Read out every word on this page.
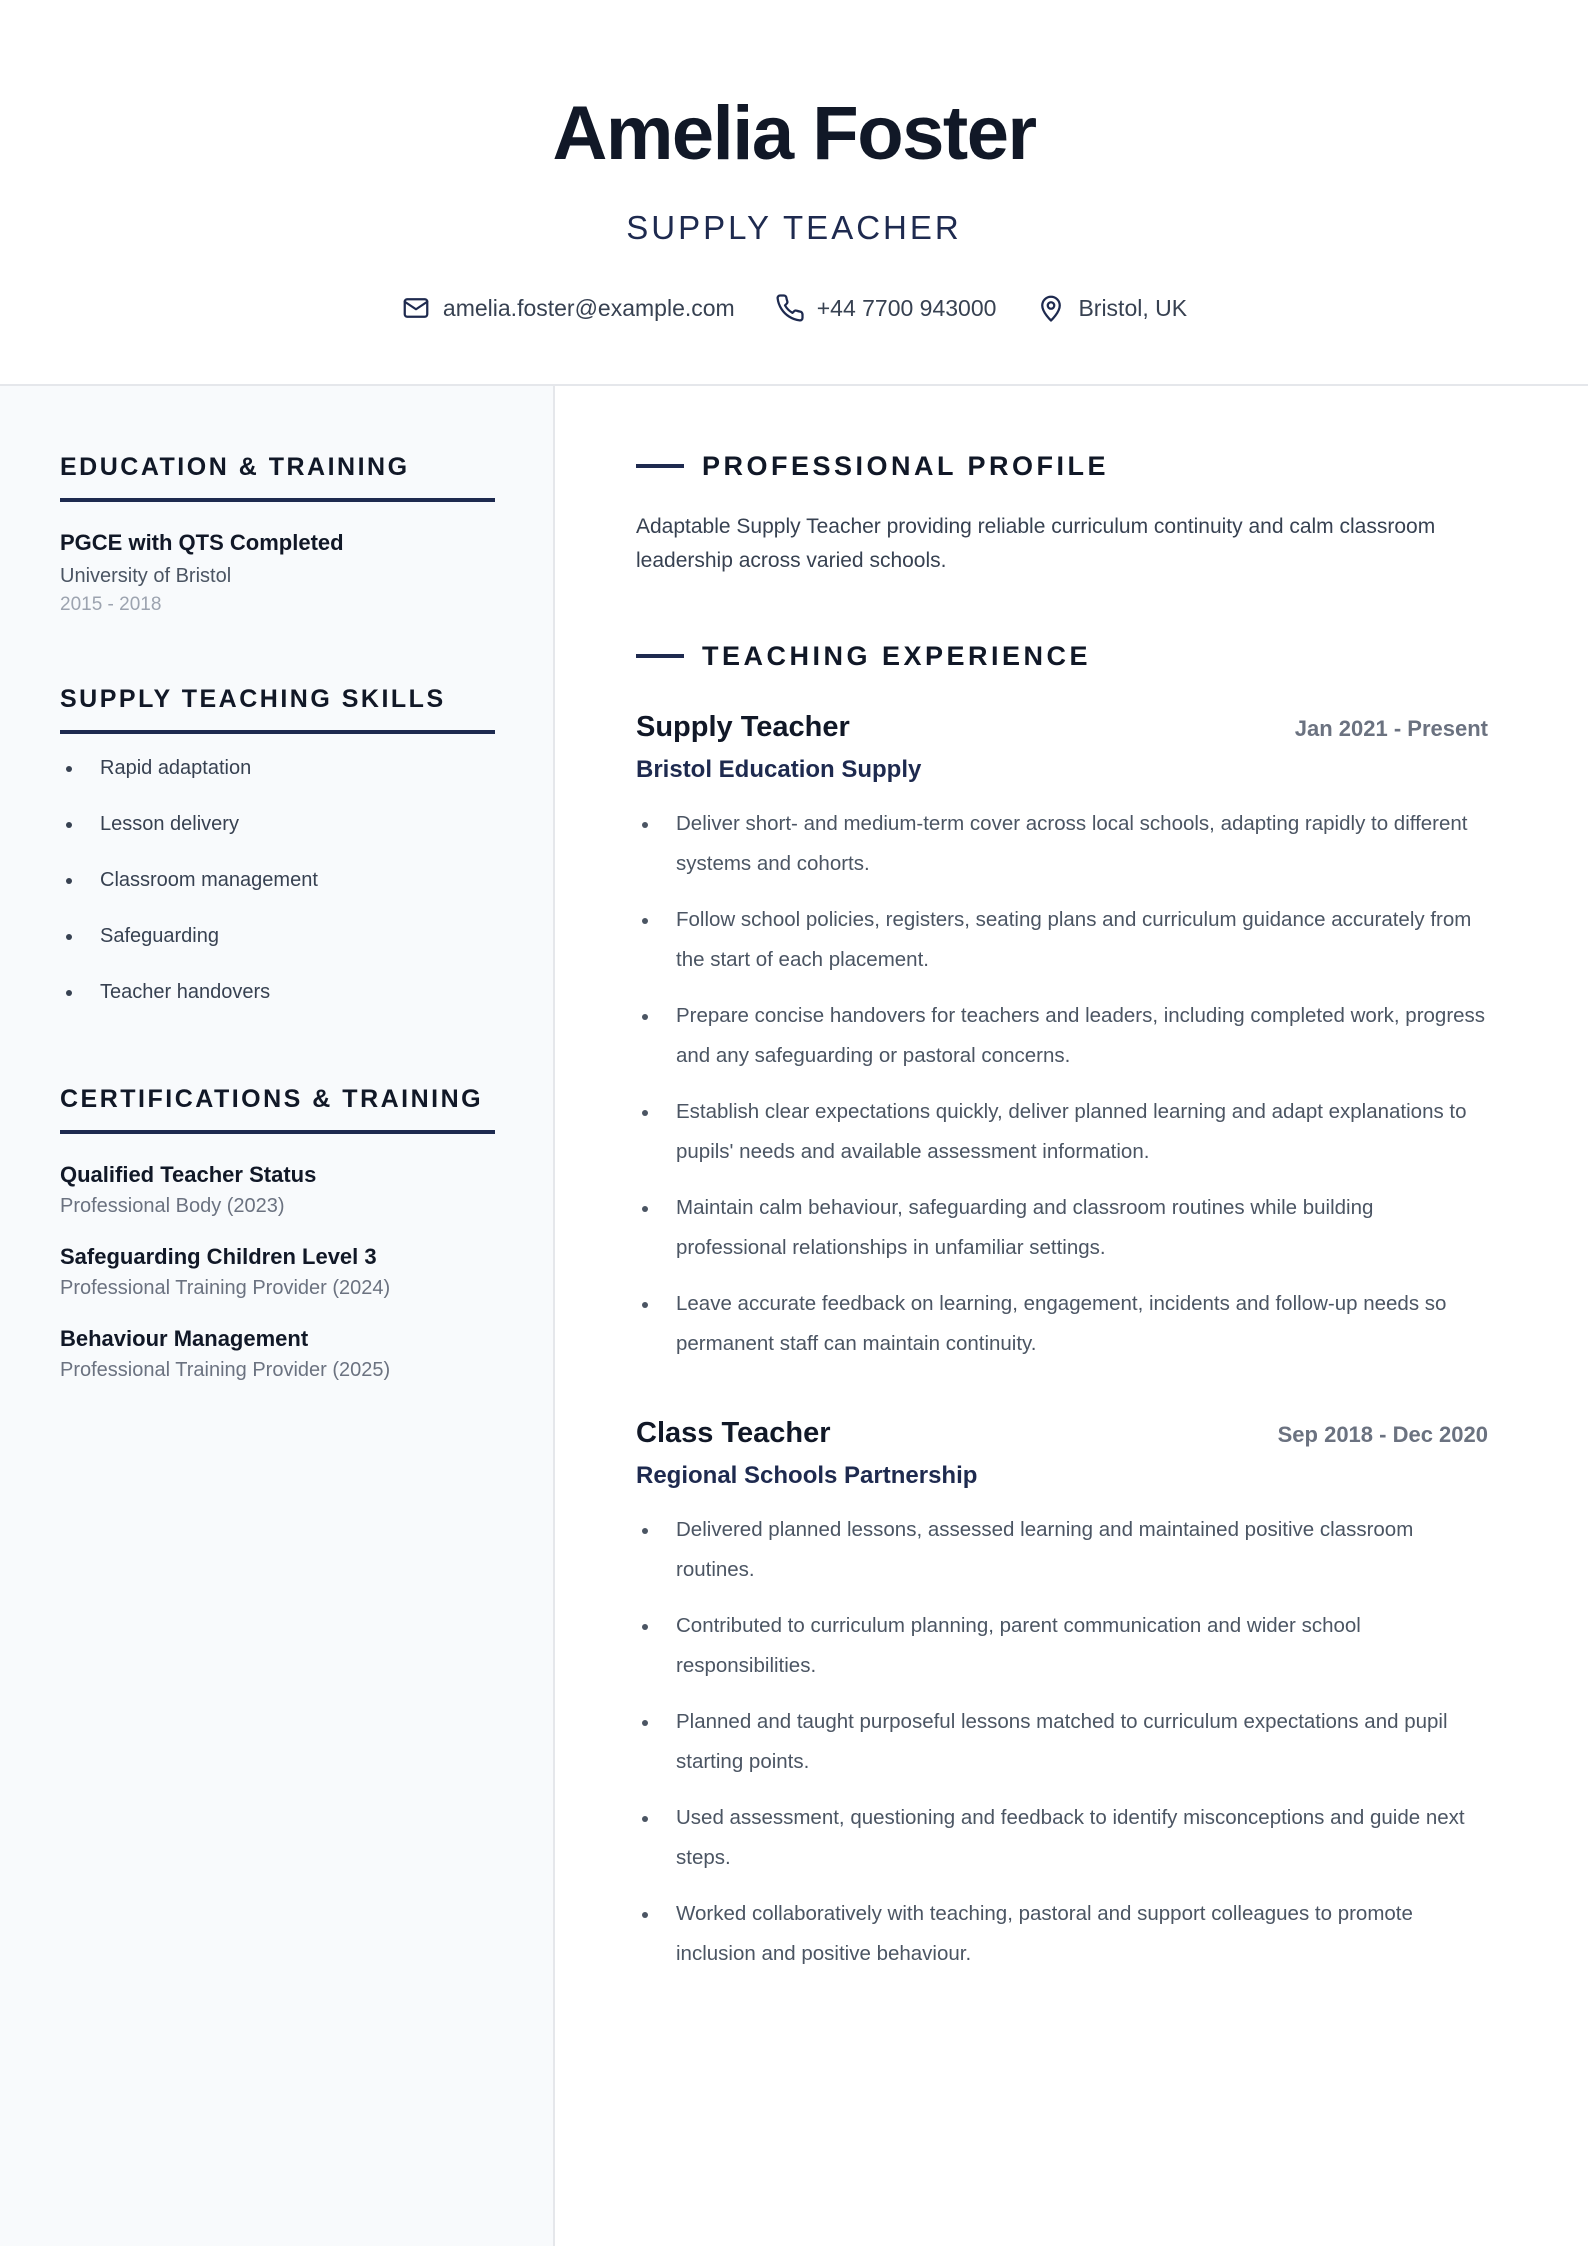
Amelia Foster
SUPPLY TEACHER
amelia.foster@example.com	+44 7700 943000	Bristol, UK
EDUCATION & TRAINING
PGCE with QTS Completed
University of Bristol
2015 - 2018
SUPPLY TEACHING SKILLS
Rapid adaptation
Lesson delivery
Classroom management
Safeguarding
Teacher handovers
CERTIFICATIONS & TRAINING
Qualified Teacher Status
Professional Body (2023)
Safeguarding Children Level 3
Professional Training Provider (2024)
Behaviour Management
Professional Training Provider (2025)
PROFESSIONAL PROFILE
Adaptable Supply Teacher providing reliable curriculum continuity and calm classroom leadership across varied schools.
TEACHING EXPERIENCE
Supply Teacher	Jan 2021 - Present
Bristol Education Supply
Deliver short- and medium-term cover across local schools, adapting rapidly to different systems and cohorts.
Follow school policies, registers, seating plans and curriculum guidance accurately from the start of each placement.
Prepare concise handovers for teachers and leaders, including completed work, progress and any safeguarding or pastoral concerns.
Establish clear expectations quickly, deliver planned learning and adapt explanations to pupils' needs and available assessment information.
Maintain calm behaviour, safeguarding and classroom routines while building professional relationships in unfamiliar settings.
Leave accurate feedback on learning, engagement, incidents and follow-up needs so permanent staff can maintain continuity.
Class Teacher	Sep 2018 - Dec 2020
Regional Schools Partnership
Delivered planned lessons, assessed learning and maintained positive classroom routines.
Contributed to curriculum planning, parent communication and wider school responsibilities.
Planned and taught purposeful lessons matched to curriculum expectations and pupil starting points.
Used assessment, questioning and feedback to identify misconceptions and guide next steps.
Worked collaboratively with teaching, pastoral and support colleagues to promote inclusion and positive behaviour.
